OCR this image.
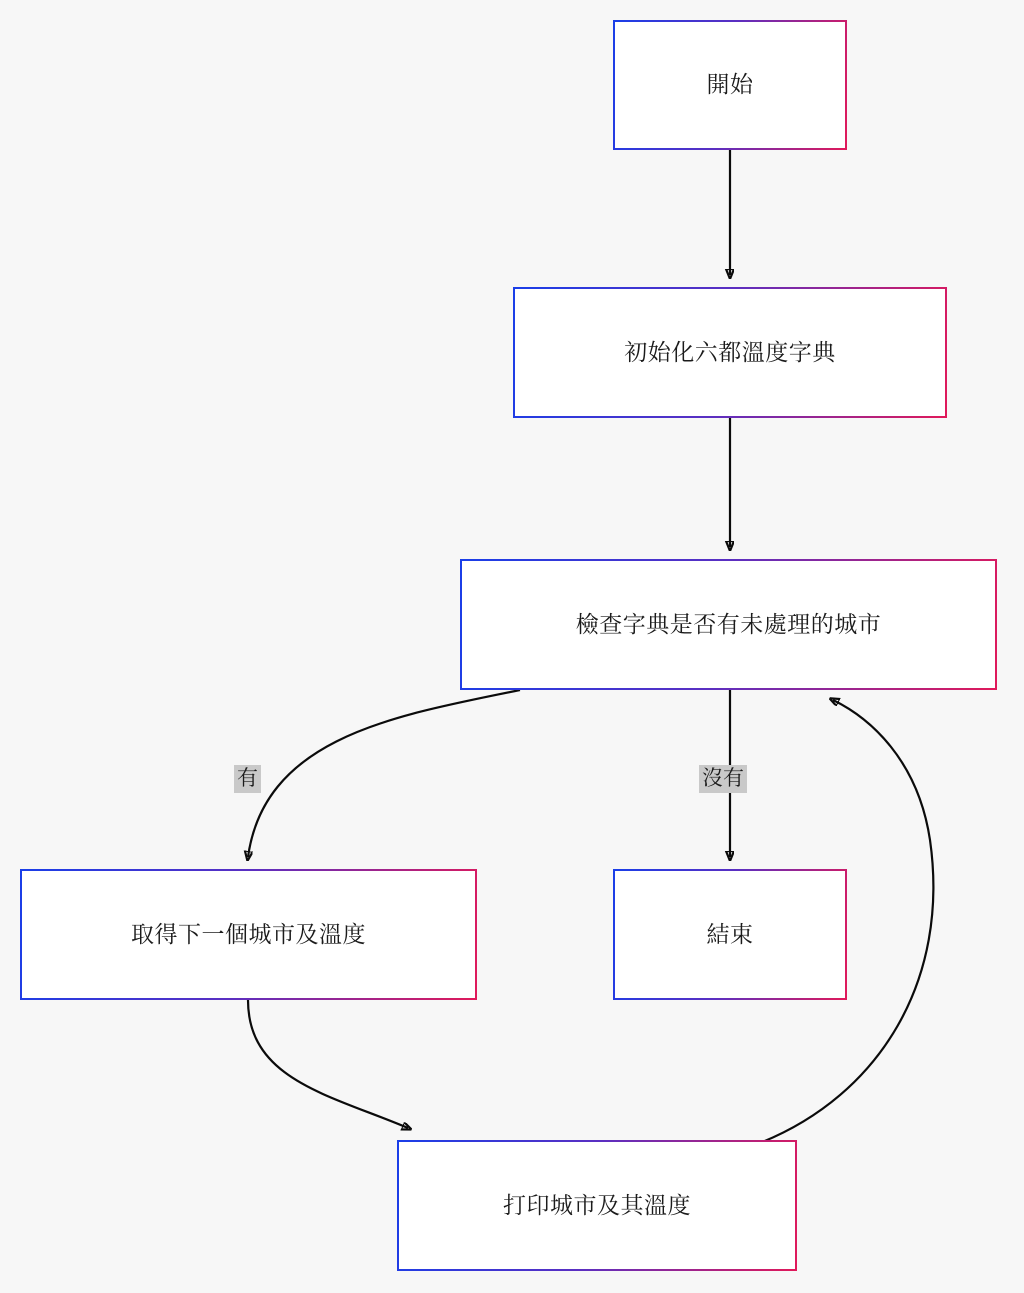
開始
初始化六都溫度字典
檢查字典是否有未處理的城市
取得下一個城市及溫度	結束
打印城市及其溫度
有	沒有
